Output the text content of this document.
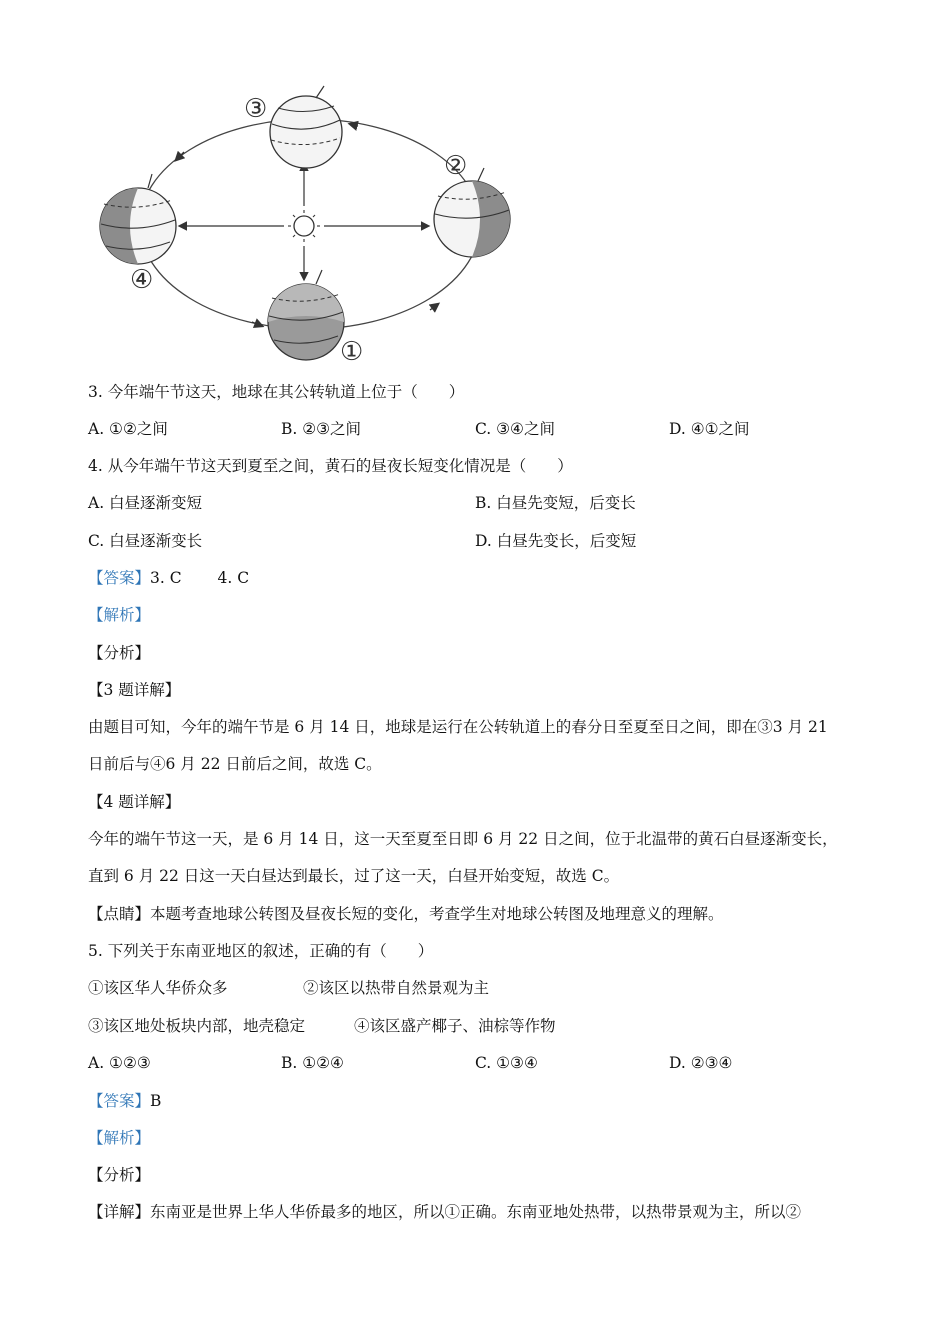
③
②
④
①
3. 今年端午节这天，地球在其公转轨道上位于（　　）
A. ①②之间	B. ②③之间	C. ③④之间	D. ④①之间
4. 从今年端午节这天到夏至之间，黄石的昼夜长短变化情况是（　　）
A. 白昼逐渐变短	B. 白昼先变短，后变长
C. 白昼逐渐变长	D. 白昼先变长，后变短
【答案】3. C　　 4. C
【解析】
【分析】
【3 题详解】
由题目可知，今年的端午节是 6 月 14 日，地球是运行在公转轨道上的春分日至夏至日之间，即在③3 月 21
日前后与④6 月 22 日前后之间，故选 C。
【4 题详解】
今年的端午节这一天，是 6 月 14 日，这一天至夏至日即 6 月 22 日之间，位于北温带的黄石白昼逐渐变长，
直到 6 月 22 日这一天白昼达到最长，过了这一天，白昼开始变短，故选 C。
【点睛】本题考查地球公转图及昼夜长短的变化，考查学生对地球公转图及地理意义的理解。
5. 下列关于东南亚地区的叙述，正确的有（　　）
①该区华人华侨众多	②该区以热带自然景观为主
③该区地处板块内部，地壳稳定	④该区盛产椰子、油棕等作物
A. ①②③	B. ①②④	C. ①③④	D. ②③④
【答案】B
【解析】
【分析】
【详解】东南亚是世界上华人华侨最多的地区，所以①正确。东南亚地处热带，以热带景观为主，所以②
